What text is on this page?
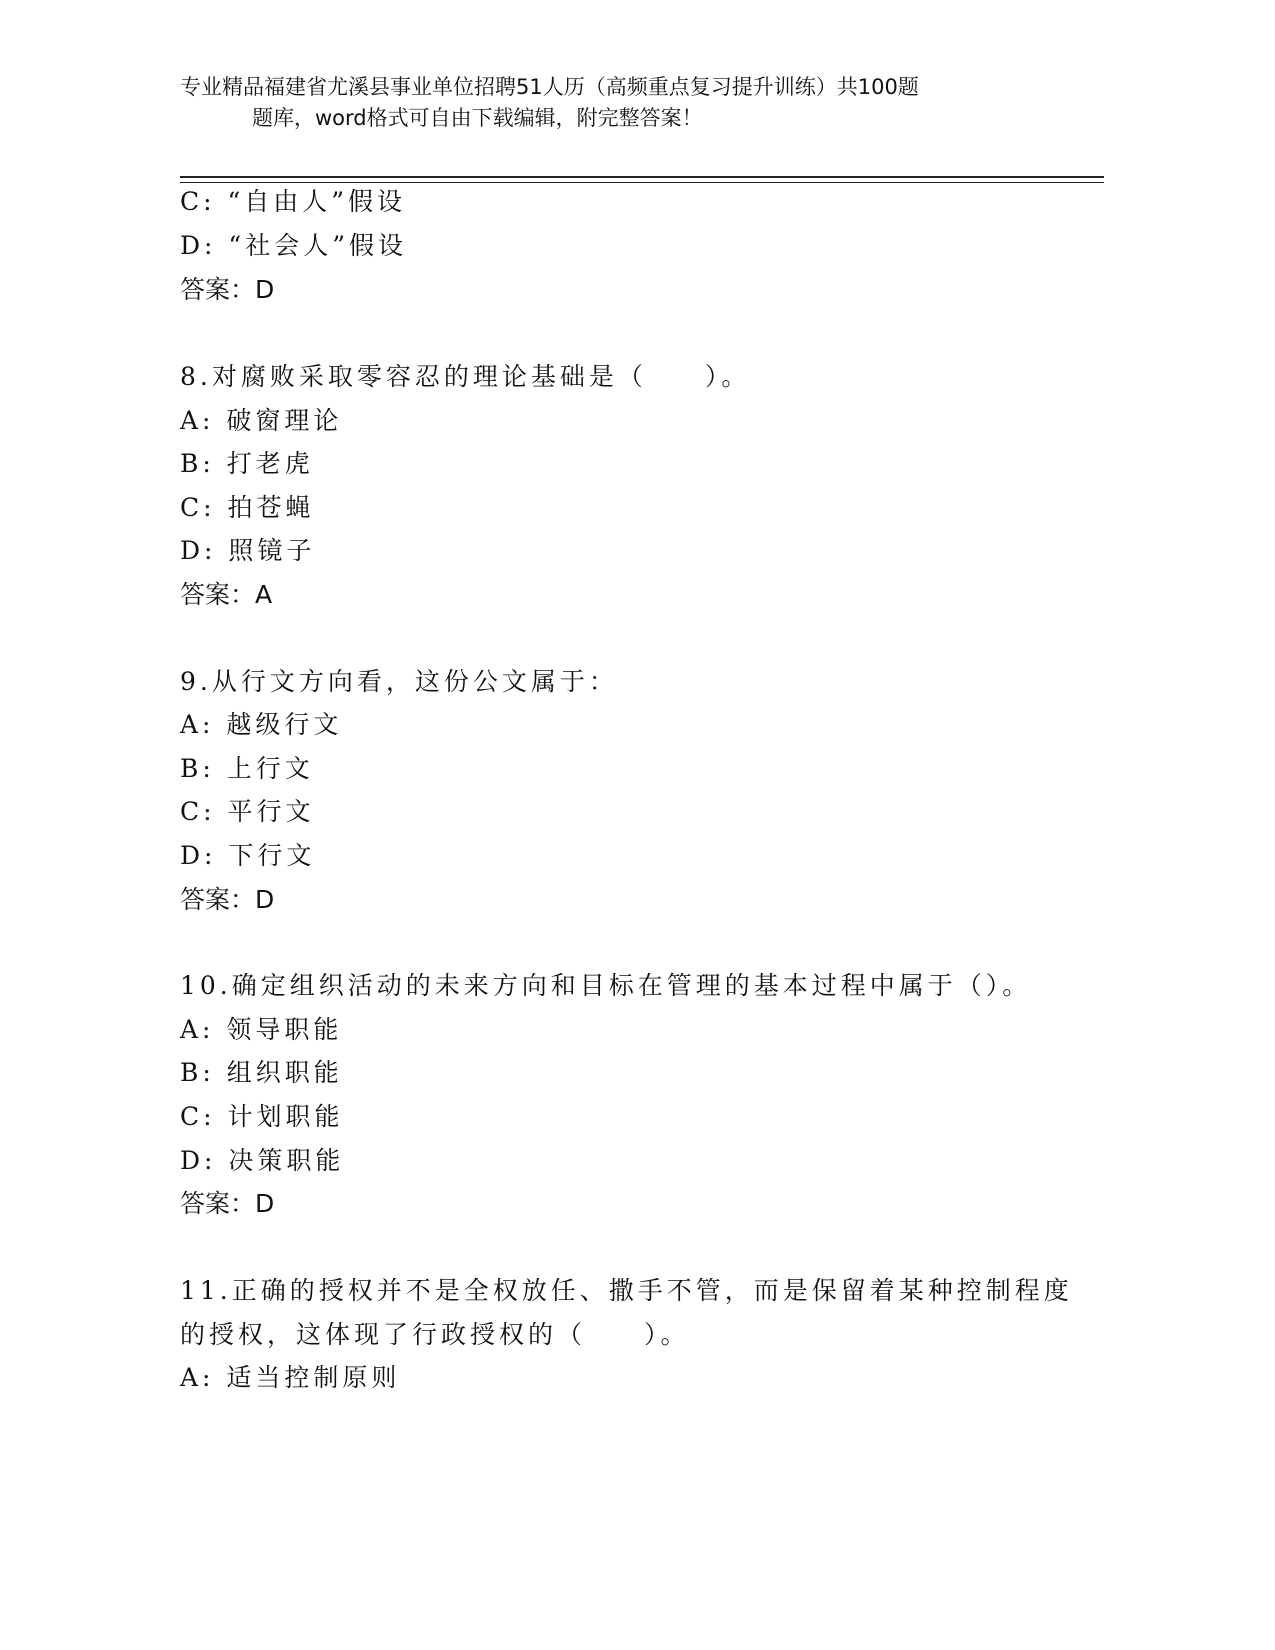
专业精品福建省尤溪县事业单位招聘51人历（高频重点复习提升训练）共100题
题库，word格式可自由下载编辑，附完整答案！
C: “自由人”假设
D: “社会人”假设
答案：D
8.对腐败采取零容忍的理论基础是（　　）。
A: 破窗理论
B: 打老虎
C: 拍苍蝇
D: 照镜子
答案：A
9.从行文方向看，这份公文属于：
A: 越级行文
B: 上行文
C: 平行文
D: 下行文
答案：D
10.确定组织活动的未来方向和目标在管理的基本过程中属于（）。
A: 领导职能
B: 组织职能
C: 计划职能
D: 决策职能
答案：D
11.正确的授权并不是全权放任、撒手不管，而是保留着某种控制程度
的授权，这体现了行政授权的（　　）。
A: 适当控制原则
